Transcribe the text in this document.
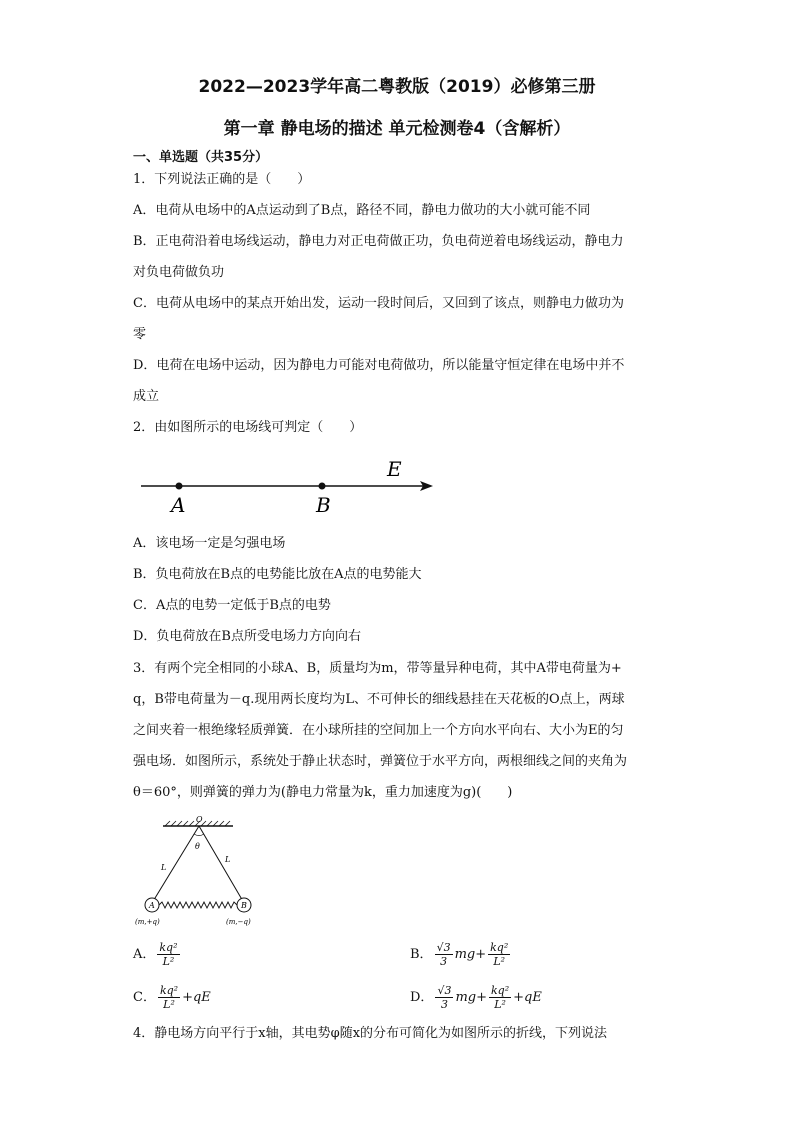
2022—2023学年高二粤教版（2019）必修第三册
第一章 静电场的描述 单元检测卷4（含解析）
一、单选题（共35分）
1．下列说法正确的是（　　）
A．电荷从电场中的A点运动到了B点，路径不同，静电力做功的大小就可能不同
B．正电荷沿着电场线运动，静电力对正电荷做正功，负电荷逆着电场线运动，静电力
对负电荷做负功
C．电荷从电场中的某点开始出发，运动一段时间后，又回到了该点，则静电力做功为
零
D．电荷在电场中运动，因为静电力可能对电荷做功，所以能量守恒定律在电场中并不
成立
2．由如图所示的电场线可判定（　　）
A	B
E
A．该电场一定是匀强电场
B．负电荷放在B点的电势能比放在A点的电势能大
C．A点的电势一定低于B点的电势
D．负电荷放在B点所受电场力方向向右
3．有两个完全相同的小球A、B，质量均为m，带等量异种电荷，其中A带电荷量为+
q，B带电荷量为－q.现用两长度均为L、不可伸长的细线悬挂在天花板的O点上，两球
之间夹着一根绝缘轻质弹簧．在小球所挂的空间加上一个方向水平向右、大小为E的匀
强电场．如图所示，系统处于静止状态时，弹簧位于水平方向，两根细线之间的夹角为
θ＝60°，则弹簧的弹力为(静电力常量为k，重力加速度为g)(　　)
O
θ
L
L
A	B
(m,+q)	(m,−q)
A． $\frac{\text{kq²}}{\text{L²}}$	B． $\frac{√3}{3} mg+ \frac{\text{kq²}}{\text{L²}}$
C． $\frac{\text{kq²}}{\text{L²}} +qE$	D． $\frac{√3}{3} mg+ \frac{\text{kq²}}{\text{L²}} +qE$
4．静电场方向平行于x轴，其电势φ随x的分布可简化为如图所示的折线，下列说法
